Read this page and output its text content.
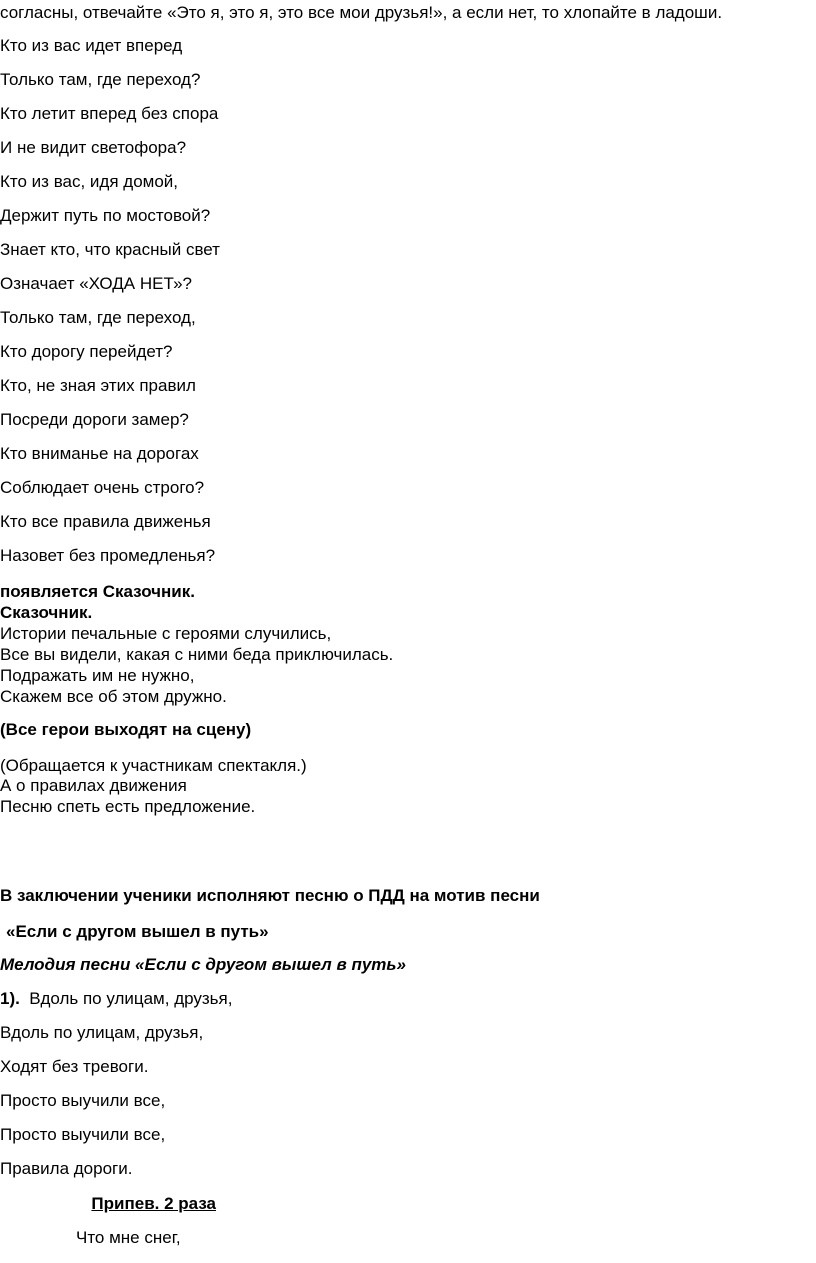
согласны, отвечайте «Это я, это я, это все мои друзья!», а если нет, то хлопайте в ладоши.
Кто из вас идет вперед
Только там, где переход?
Кто летит вперед без спора
И не видит светофора?
Кто из вас, идя домой,
Держит путь по мостовой?
Знает кто, что красный свет
Означает «ХОДА НЕТ»?
Только там, где переход,
Кто дорогу перейдет?
Кто, не зная этих правил
Посреди дороги замер?
Кто вниманье на дорогах
Соблюдает очень строго?
Кто все правила движенья
Назовет без промедленья?
появляется Сказочник.
Сказочник.
Истории печальные с героями случились,
Все вы видели, какая с ними беда приключилась.
Подражать им не нужно,
Скажем все об этом дружно.
(Все герои выходят на сцену)
(Обращается к участникам спектакля.)
А о правилах движения
Песню спеть есть предложение.
В заключении ученики исполняют песню о ПДД на мотив песни
«Если с другом вышел в путь»
Мелодия песни «Если с другом вышел в путь»
1). Вдоль по улицам, друзья,
Вдоль по улицам, друзья,
Ходят без тревоги.
Просто выучили все,
Просто выучили все,
Правила дороги.
Припев. 2 раза
Что мне снег,
